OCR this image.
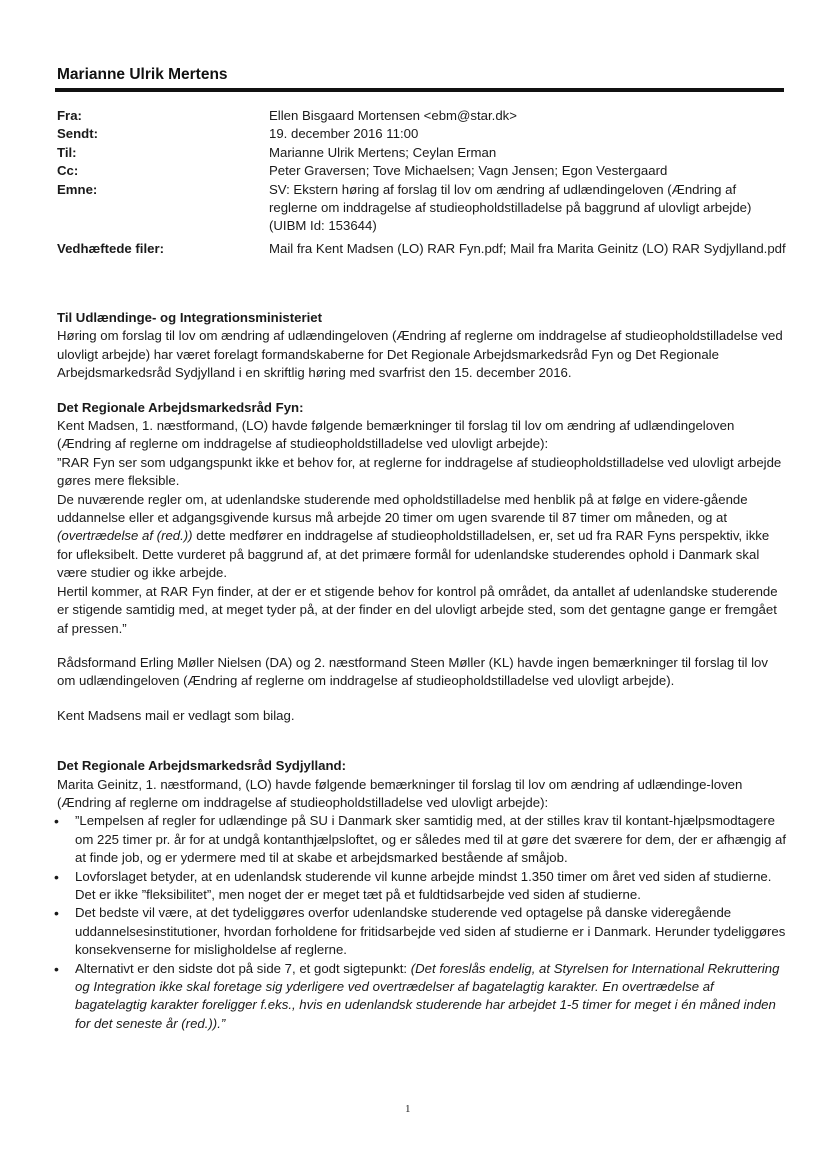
Marianne Ulrik Mertens
Fra:	Ellen Bisgaard Mortensen <ebm@star.dk>
Sendt:	19. december 2016 11:00
Til:	Marianne Ulrik Mertens; Ceylan Erman
Cc:	Peter Graversen; Tove Michaelsen; Vagn Jensen; Egon Vestergaard
Emne:	SV: Ekstern høring af forslag til lov om ændring af udlændingeloven (Ændring af reglerne om inddragelse af studieopholdstilladelse på baggrund af ulovligt arbejde) (UIBM Id: 153644)
Vedhæftede filer:	Mail fra Kent Madsen (LO) RAR Fyn.pdf; Mail fra Marita Geinitz (LO) RAR Sydjylland.pdf

Til Udlændinge- og Integrationsministeriet

Høring om forslag til lov om ændring af udlændingeloven (Ændring af reglerne om inddragelse af studieopholdstilladelse ved ulovligt arbejde) har været forelagt formandskaberne for Det Regionale Arbejdsmarkedsråd Fyn og Det Regionale Arbejdsmarkedsråd Sydjylland i en skriftlig høring med svarfrist den 15. december 2016.

Det Regionale Arbejdsmarkedsråd Fyn:

Kent Madsen, 1. næstformand, (LO) havde følgende bemærkninger til forslag til lov om ændring af udlændingeloven (Ændring af reglerne om inddragelse af studieopholdstilladelse ved ulovligt arbejde):

”RAR Fyn ser som udgangspunkt ikke et behov for, at reglerne for inddragelse af studieopholdstilladelse ved ulovligt arbejde gøres mere fleksible.

De nuværende regler om, at udenlandske studerende med opholdstilladelse med henblik på at følge en videre-gående uddannelse eller et adgangsgivende kursus må arbejde 20 timer om ugen svarende til 87 timer om måneden, og at (overtrædelse af (red.)) dette medfører en inddragelse af studieopholdstilladelsen, er, set ud fra RAR Fyns perspektiv, ikke for ufleksibelt. Dette vurderet på baggrund af, at det primære formål for udenlandske studerendes ophold i Danmark skal være studier og ikke arbejde.

Hertil kommer, at RAR Fyn finder, at der er et stigende behov for kontrol på området, da antallet af udenlandske studerende er stigende samtidig med, at meget tyder på, at der finder en del ulovligt arbejde sted, som det gentagne gange er fremgået af pressen.”

Rådsformand Erling Møller Nielsen (DA) og 2. næstformand Steen Møller (KL) havde ingen bemærkninger til forslag til lov om udlændingeloven (Ændring af reglerne om inddragelse af studieopholdstilladelse ved ulovligt arbejde).

Kent Madsens mail er vedlagt som bilag.

Det Regionale Arbejdsmarkedsråd Sydjylland:

Marita Geinitz, 1. næstformand, (LO) havde følgende bemærkninger til forslag til lov om ændring af udlændinge-loven (Ændring af reglerne om inddragelse af studieopholdstilladelse ved ulovligt arbejde):

• ”Lempelsen af regler for udlændinge på SU i Danmark sker samtidig med, at der stilles krav til kontant-hjælpsmodtagere om 225 timer pr. år for at undgå kontanthjælpsloftet, og er således med til at gøre det sværere for dem, der er afhængig af at finde job, og er ydermere med til at skabe et arbejdsmarked bestående af småjob.
• Lovforslaget betyder, at en udenlandsk studerende vil kunne arbejde mindst 1.350 timer om året ved siden af studierne. Det er ikke ”fleksibilitet”, men noget der er meget tæt på et fuldtidsarbejde ved siden af studierne.
• Det bedste vil være, at det tydeliggøres overfor udenlandske studerende ved optagelse på danske videregående uddannelsesinstitutioner, hvordan forholdene for fritidsarbejde ved siden af studierne er i Danmark. Herunder tydeliggøres konsekvenserne for misligholdelse af reglerne.
• Alternativt er den sidste dot på side 7, et godt sigtepunkt: (Det foreslås endelig, at Styrelsen for International Rekruttering og Integration ikke skal foretage sig yderligere ved overtrædelser af bagatelagtig karakter. En overtrædelse af bagatelagtig karakter foreligger f.eks., hvis en udenlandsk studerende har arbejdet 1-5 timer for meget i én måned inden for det seneste år (red.)).”
1
